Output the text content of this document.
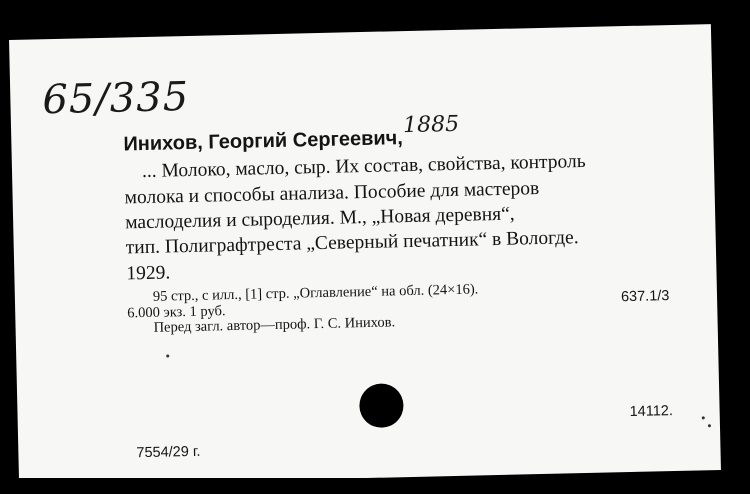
65/335
1885
Инихов, Георгий Сергеевич,
... Молоко, масло, сыр. Их состав, свойства, контроль
молока и способы анализа. Пособие для мастеров
маслоделия и сыроделия. М., „Новая деревня“,
тип. Полиграфтреста „Северный печатник“ в Вологде.
1929.
95 стр., с илл., [1] стр. „Оглавление“ на обл. (24×16).
6.000 экз. 1 руб.
Перед загл. автор—проф. Г. С. Инихов.
637.1/3
14112.
7554/29 г.
